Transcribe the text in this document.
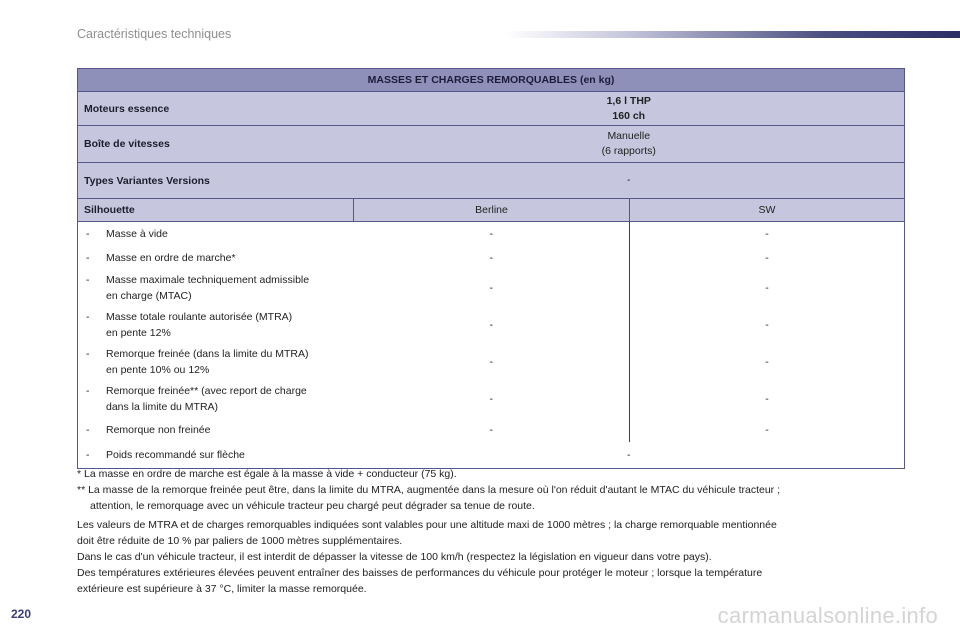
Caractéristiques techniques
MASSES ET CHARGES REMORQUABLES (en kg)		
Moteurs essence	1,6 l THP
160 ch	

Boîte de vitesses	Manuelle
(6 rapports)	

Types Variantes Versions	-	
Silhouette	Berline	SW

- Masse à vide	-	-

- Masse en ordre de marche*	-	-

- Masse maximale techniquement admissible
en charge (MTAC)	-	-

- Masse totale roulante autorisée (MTRA)
en pente 12%	-	-

- Remorque freinée (dans la limite du MTRA)
en pente 10% ou 12%	-	-

- Remorque freinée** (avec report de charge
dans la limite du MTRA)	-	-

- Remorque non freinée	-	-

- Poids recommandé sur flèche	-	

* La masse en ordre de marche est égale à la masse à vide + conducteur (75 kg).

** La masse de la remorque freinée peut être, dans la limite du MTRA, augmentée dans la mesure où l'on réduit d'autant le MTAC du véhicule tracteur ;

attention, le remorquage avec un véhicule tracteur peu chargé peut dégrader sa tenue de route.

Les valeurs de MTRA et de charges remorquables indiquées sont valables pour une altitude maxi de 1000 mètres ; la charge remorquable mentionnée

doit être réduite de 10 % par paliers de 1000 mètres supplémentaires.

Dans le cas d'un véhicule tracteur, il est interdit de dépasser la vitesse de 100 km/h (respectez la législation en vigueur dans votre pays).

Des températures extérieures élevées peuvent entraîner des baisses de performances du véhicule pour protéger le moteur ; lorsque la température

extérieure est supérieure à 37 °C, limiter la masse remorquée.

220	carmanualsonline.info
